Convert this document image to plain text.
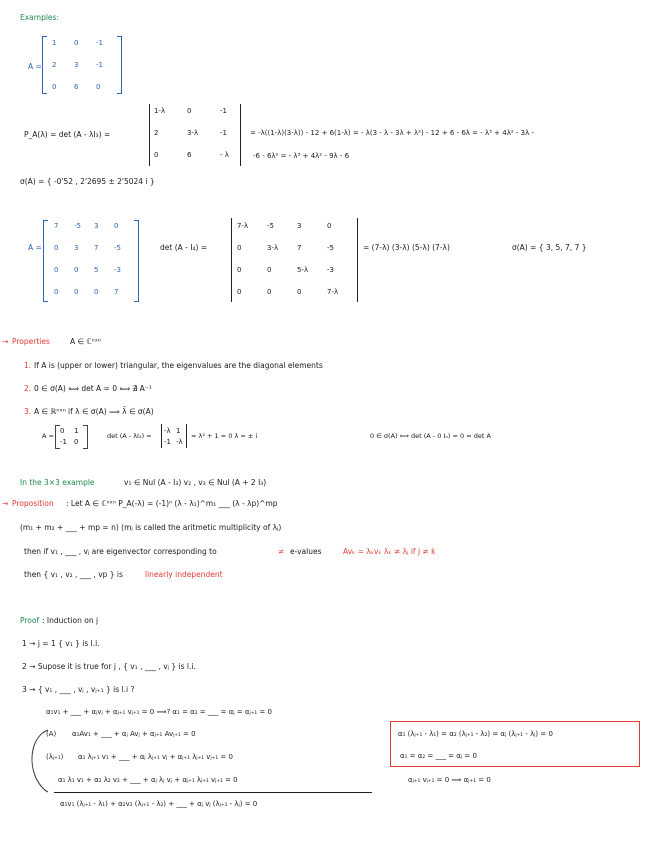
Examples:
A =
1	0	-1
2	3	-1
0	6	0
P_A(λ) = det (A - λI₃) =
1-λ	0	-1
2	3-λ	-1
0	6	- λ
= -λ((1-λ)(3-λ)) - 12 + 6(1-λ) = - λ(3 - λ - 3λ + λ²) - 12 + 6 - 6λ = - λ³ + 4λ² - 3λ -
-6 - 6λ² = - λ³ + 4λ² - 9λ - 6
σ(A) = { -0'52 , 2'2695 ± 2'5024 i }
A =
7 -5 3 0
0 3 7 -5
0 0 5 -3
0 0 0 7
det (A - I₄) =
7-λ	-5	3	0
0	3-λ	7	-5
0	0	5-λ	-3
0	0	0	7-λ
= (7-λ) (3-λ) (5-λ) (7-λ)	σ(A) = { 3, 5, 7, 7 }
→ Properties	A ∈ ℂⁿˣⁿ
1. If A is (upper or lower) triangular, the eigenvalues are the diagonal elements
2. 0 ∈ σ(A) ⟺ det A = 0 ⟺ ∄ A⁻¹
3. A ∈ ℝⁿˣⁿ if λ ∈ σ(A) ⟹ λ̄ ∈ σ(A)
A =
0 1
-1 0
det (A - λI₂) =
-λ 1
-1 -λ
= λ² + 1 = 0 λ = ± i	0 ∈ σ(A) ⟺ det (A - 0 Iₙ) = 0 = det A
In the 3×3 example	v₁ ∈ Nul (A - I₃) v₂ , v₃ ∈ Nul (A + 2 I₃)
→ Proposition : Let A ∈ ℂⁿˣⁿ P_A(-λ) = (-1)ⁿ (λ - λ₁)^m₁ ___ (λ - λp)^mp
(m₁ + m₂ + ___ + mp = n) (mⱼ is called the aritmetic multiplicity of λⱼ)
then if v₁ , ___ , vⱼ are eigenvector corresponding to	≠ e-values	Avₖ = λₖvₖ λₖ ≠ λⱼ if j ≠ k
then { v₁ , v₂ , ___ , vp } is	linearly independent
Proof : Induction on j
1 → j = 1 { v₁ } is l.i.
2 → Supose it is true for j , { v₁ , ___ , vⱼ } is l.i.
3 → { v₁ , ___ , vⱼ , vⱼ₊₁ } is l.i ?
α₁v₁ + ___ + αⱼvⱼ + αⱼ₊₁ vⱼ₊₁ = 0 ⟹? α₁ = α₂ = ___ = αⱼ = αⱼ₊₁ = 0
(A) α₁Av₁ + ___ + αⱼ Avⱼ + αⱼ₊₁ Avⱼ₊₁ = 0
(λⱼ₊₁) α₁ λⱼ₊₁ v₁ + ___ + αⱼ λⱼ₊₁ vⱼ + αⱼ₊₁ λⱼ₊₁ vⱼ₊₁ = 0
α₁ λ₁ v₁ + α₂ λ₂ v₂ + ___ + αⱼ λⱼ vⱼ + αⱼ₊₁ λⱼ₊₁ vⱼ₊₁ = 0
α₁v₁ (λⱼ₊₁ - λ₁) + α₂v₂ (λⱼ₊₁ - λ₂) + ___ + αⱼ vⱼ (λⱼ₊₁ - λⱼ) = 0
α₁ (λⱼ₊₁ - λ₁) = α₂ (λⱼ₊₁ - λ₂) = αⱼ (λⱼ₊₁ - λⱼ) = 0
α₁ = α₂ = ___ = αⱼ = 0
αⱼ₊₁ vⱼ₊₁ = 0 ⟹ αⱼ₊₁ = 0
